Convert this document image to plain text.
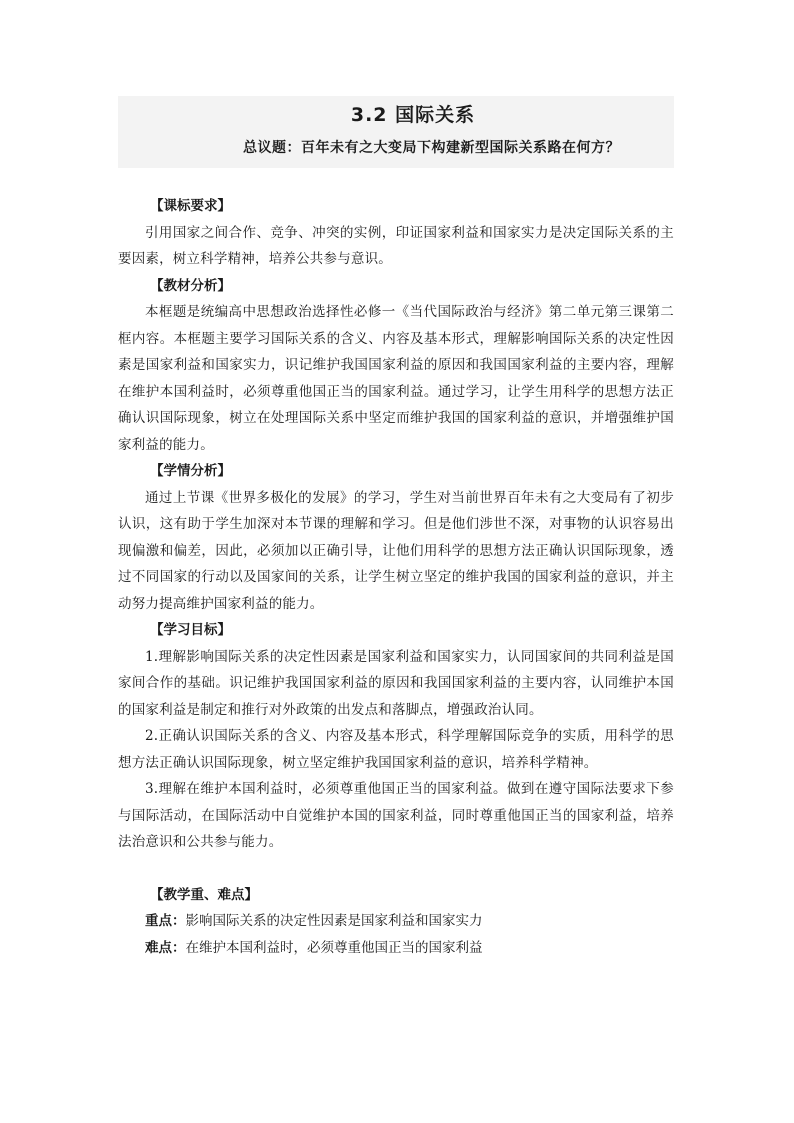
3.2 国际关系
总议题：百年未有之大变局下构建新型国际关系路在何方？
【课标要求】

引用国家之间合作、竞争、冲突的实例，印证国家利益和国家实力是决定国际关系的主要因素，树立科学精神，培养公共参与意识。

【教材分析】

本框题是统编高中思想政治选择性必修一《当代国际政治与经济》第二单元第三课第二框内容。本框题主要学习国际关系的含义、内容及基本形式，理解影响国际关系的决定性因素是国家利益和国家实力，识记维护我国国家利益的原因和我国国家利益的主要内容，理解在维护本国利益时，必须尊重他国正当的国家利益。通过学习，让学生用科学的思想方法正确认识国际现象，树立在处理国际关系中坚定而维护我国的国家利益的意识，并增强维护国家利益的能力。

【学情分析】

通过上节课《世界多极化的发展》的学习，学生对当前世界百年未有之大变局有了初步认识，这有助于学生加深对本节课的理解和学习。但是他们涉世不深，对事物的认识容易出现偏激和偏差，因此，必须加以正确引导，让他们用科学的思想方法正确认识国际现象，透过不同国家的行动以及国家间的关系，让学生树立坚定的维护我国的国家利益的意识，并主动努力提高维护国家利益的能力。

【学习目标】

1.理解影响国际关系的决定性因素是国家利益和国家实力，认同国家间的共同利益是国家间合作的基础。识记维护我国国家利益的原因和我国国家利益的主要内容，认同维护本国的国家利益是制定和推行对外政策的出发点和落脚点，增强政治认同。

2.正确认识国际关系的含义、内容及基本形式，科学理解国际竞争的实质，用科学的思想方法正确认识国际现象，树立坚定维护我国国家利益的意识，培养科学精神。

3.理解在维护本国利益时，必须尊重他国正当的国家利益。做到在遵守国际法要求下参与国际活动，在国际活动中自觉维护本国的国家利益，同时尊重他国正当的国家利益，培养法治意识和公共参与能力。

【教学重、难点】

重点：影响国际关系的决定性因素是国家利益和国家实力

难点：在维护本国利益时，必须尊重他国正当的国家利益
